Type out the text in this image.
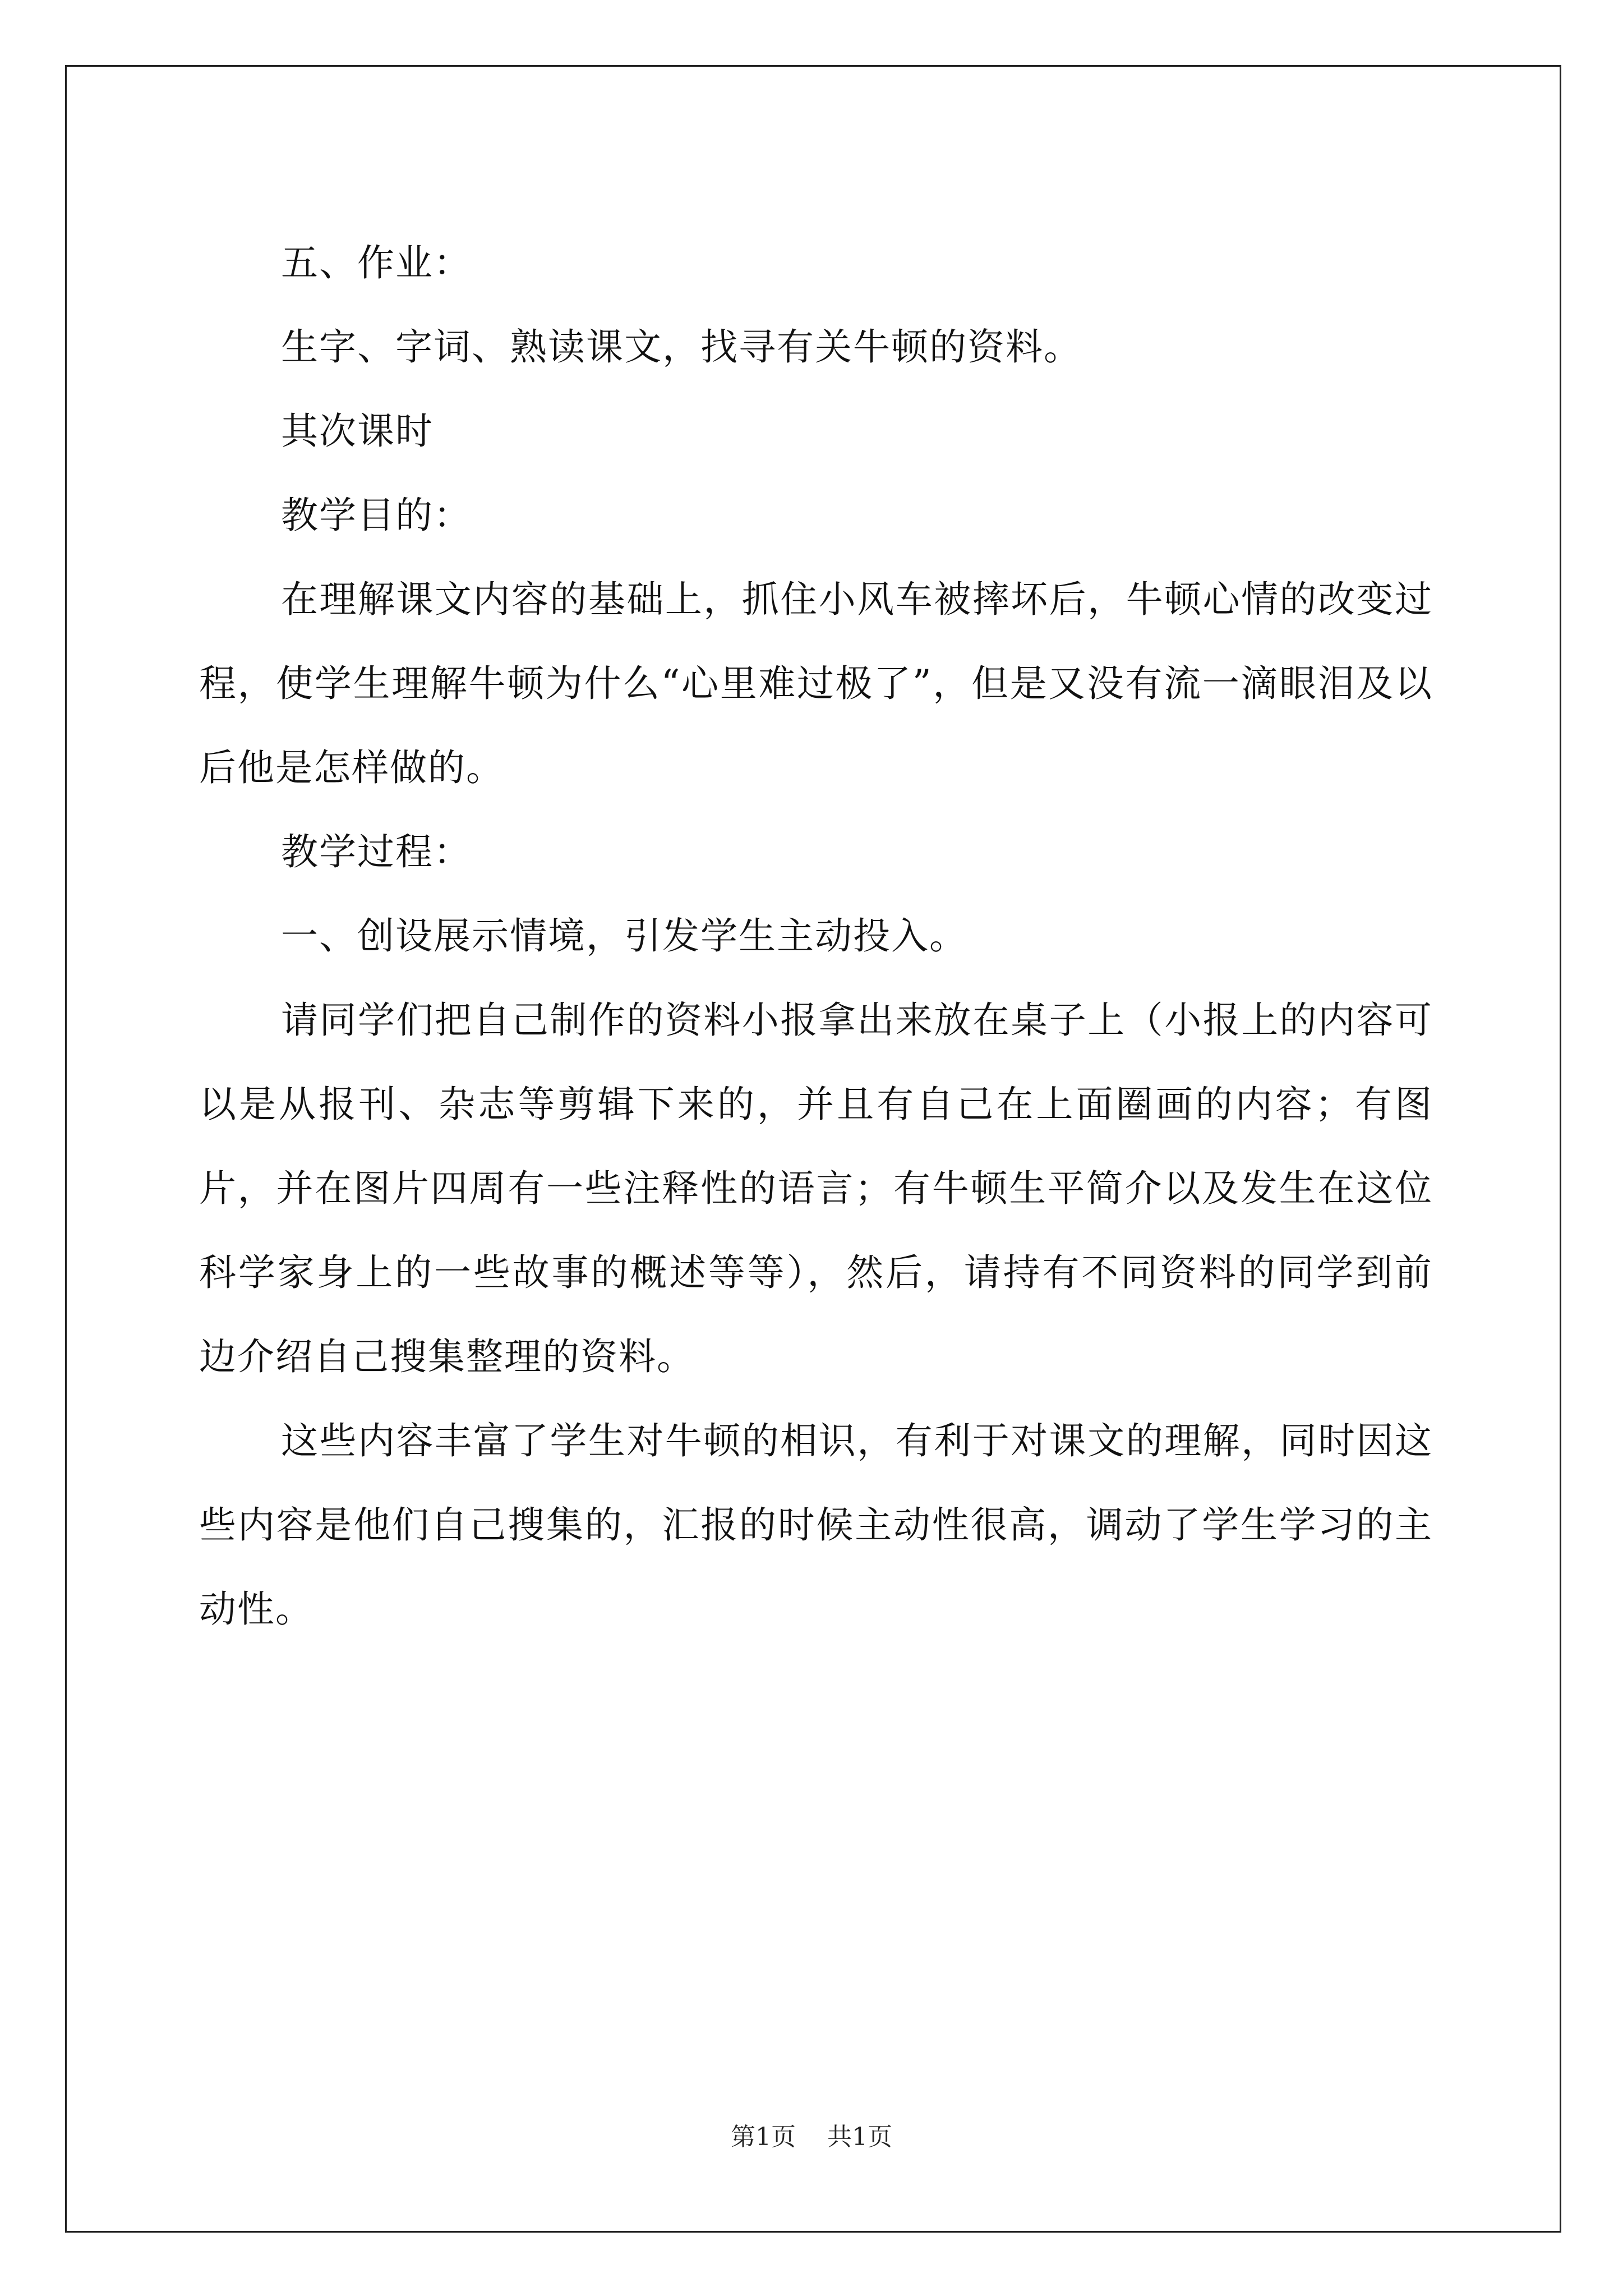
五、作业：

生字、字词、熟读课文，找寻有关牛顿的资料。

其次课时

教学目的：

在理解课文内容的基础上，抓住小风车被摔坏后，牛顿心情的改变过程，使学生理解牛顿为什么“心里难过极了”，但是又没有流一滴眼泪及以后他是怎样做的。

教学过程：

一、创设展示情境，引发学生主动投入。

请同学们把自己制作的资料小报拿出来放在桌子上（小报上的内容可以是从报刊、杂志等剪辑下来的，并且有自己在上面圈画的内容；有图片，并在图片四周有一些注释性的语言；有牛顿生平简介以及发生在这位科学家身上的一些故事的概述等等），然后，请持有不同资料的同学到前边介绍自己搜集整理的资料。

这些内容丰富了学生对牛顿的相识，有利于对课文的理解，同时因这些内容是他们自己搜集的，汇报的时候主动性很高，调动了学生学习的主动性。

第1页    共1页
